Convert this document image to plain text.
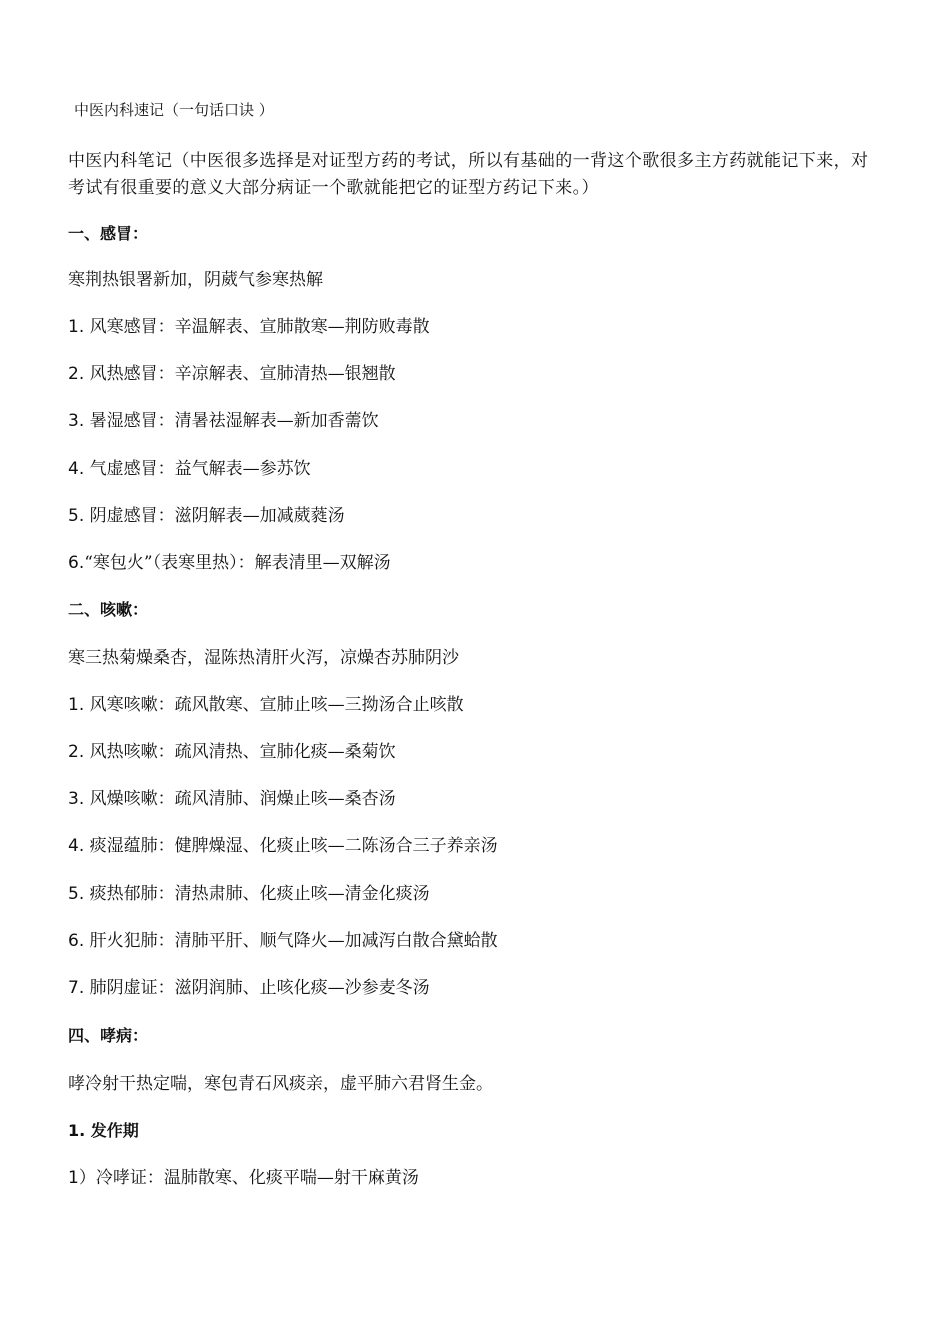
中医内科速记（一句话口诀 ）
中医内科笔记（中医很多选择是对证型方药的考试，所以有基础的一背这个歌很多主方药就能记下来，对考试有很重要的意义大部分病证一个歌就能把它的证型方药记下来。）
一、感冒：
寒荆热银署新加，阴葳气参寒热解
1. 风寒感冒：辛温解表、宣肺散寒—荆防败毒散
2. 风热感冒：辛凉解表、宣肺清热—银翘散
3. 暑湿感冒：清暑祛湿解表—新加香薷饮
4. 气虚感冒：益气解表—参苏饮
5. 阴虚感冒：滋阴解表—加减葳蕤汤
6.“寒包火”（表寒里热）：解表清里—双解汤
二、咳嗽：
寒三热菊燥桑杏，湿陈热清肝火泻，凉燥杏苏肺阴沙
1. 风寒咳嗽：疏风散寒、宣肺止咳—三拗汤合止咳散
2. 风热咳嗽：疏风清热、宣肺化痰—桑菊饮
3. 风燥咳嗽：疏风清肺、润燥止咳—桑杏汤
4. 痰湿蕴肺：健脾燥湿、化痰止咳—二陈汤合三子养亲汤
5. 痰热郁肺：清热肃肺、化痰止咳—清金化痰汤
6. 肝火犯肺：清肺平肝、顺气降火—加减泻白散合黛蛤散
7. 肺阴虚证：滋阴润肺、止咳化痰—沙参麦冬汤
四、哮病：
哮冷射干热定喘，寒包青石风痰亲，虚平肺六君肾生金。
1. 发作期
1）冷哮证：温肺散寒、化痰平喘—射干麻黄汤
